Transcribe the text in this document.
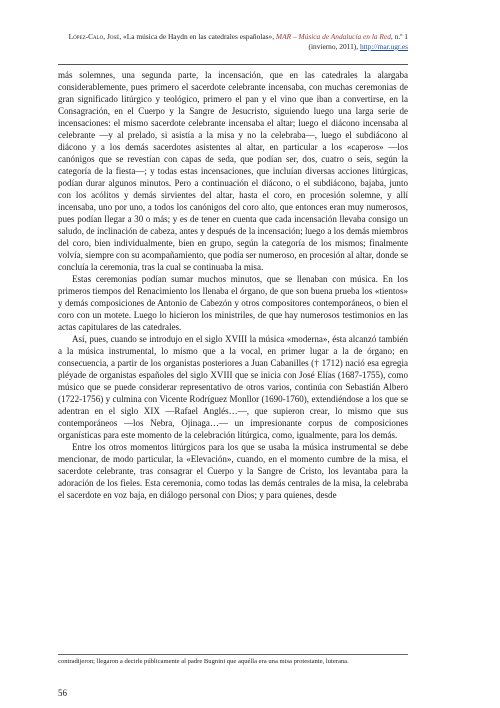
López-Calo, José, «La música de Haydn en las catedrales españolas», MAR – Música de Andalucía en la Red, n.º 1 (invierno, 2011), http://mar.ugr.es

más solemnes, una segunda parte, la incensación, que en las catedrales la alargaba considerablemente, pues primero el sacerdote celebrante incensaba, con muchas ceremonias de gran significado litúrgico y teológico, primero el pan y el vino que iban a convertirse, en la Consagración, en el Cuerpo y la Sangre de Jesucristo, siguiendo luego una larga serie de incensaciones: el mismo sacerdote celebrante incensaba el altar; luego el diácono incensaba al celebrante —y al prelado, si asistía a la misa y no la celebraba—, luego el subdiácono al diácono y a los demás sacerdotes asistentes al altar, en particular a los «caperos» —los canónigos que se revestían con capas de seda, que podían ser, dos, cuatro o seis, según la categoría de la fiesta—; y todas estas incensaciones, que incluían diversas acciones litúrgicas, podían durar algunos minutos. Pero a continuación el diácono, o el subdiácono, bajaba, junto con los acólitos y demás sirvientes del altar, hasta el coro, en procesión solemne, y allí incensaba, uno por uno, a todos los canónigos del coro alto, que entonces eran muy numerosos, pues podían llegar a 30 o más; y es de tener en cuenta que cada incensación llevaba consigo un saludo, de inclinación de cabeza, antes y después de la incensación; luego a los demás miembros del coro, bien individualmente, bien en grupo, según la categoría de los mismos; finalmente volvía, siempre con su acompañamiento, que podía ser numeroso, en procesión al altar, donde se concluía la ceremonia, tras la cual se continuaba la misa.

Estas ceremonias podían sumar muchos minutos, que se llenaban con música. En los primeros tiempos del Renacimiento los llenaba el órgano, de que son buena prueba los «tientos» y demás composiciones de Antonio de Cabezón y otros compositores contemporáneos, o bien el coro con un motete. Luego lo hicieron los ministriles, de que hay numerosos testimonios en las actas capitulares de las catedrales.

Así, pues, cuando se introdujo en el siglo XVIII la música «moderna», ésta alcanzó también a la música instrumental, lo mismo que a la vocal, en primer lugar a la de órgano; en consecuencia, a partir de los organistas posteriores a Juan Cabanilles († 1712) nació esa egregia pléyade de organistas españoles del siglo XVIII que se inicia con José Elías (1687-1755), como músico que se puede considerar representativo de otros varios, continúa con Sebastián Albero (1722-1756) y culmina con Vicente Rodríguez Monllor (1690-1760), extendiéndose a los que se adentran en el siglo XIX —Rafael Anglés…—, que supieron crear, lo mismo que sus contemporáneos —los Nebra, Ojinaga…— un impresionante corpus de composiciones organísticas para este momento de la celebración litúrgica, como, igualmente, para los demás.

Entre los otros momentos litúrgicos para los que se usaba la música instrumental se debe mencionar, de modo particular, la «Elevación», cuando, en el momento cumbre de la misa, el sacerdote celebrante, tras consagrar el Cuerpo y la Sangre de Cristo, los levantaba para la adoración de los fieles. Esta ceremonia, como todas las demás centrales de la misa, la celebraba el sacerdote en voz baja, en diálogo personal con Dios; y para quienes, desde

contradijeron; llegaron a decirle públicamente al padre Bugnini que aquélla era una misa protestante, luterana.
56
